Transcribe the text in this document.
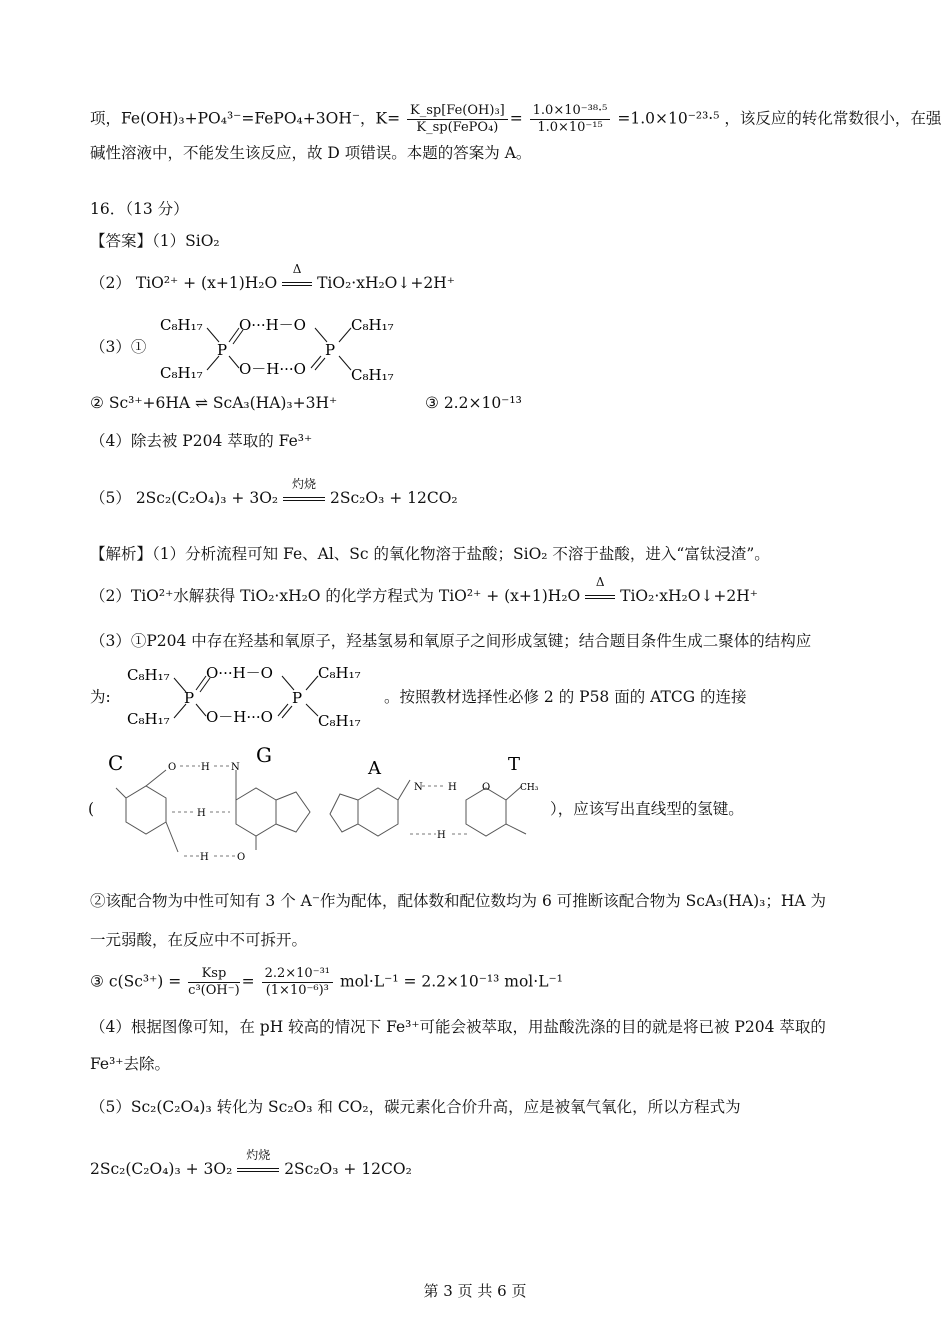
项，Fe(OH)₃+PO₄³⁻=FePO₄+3OH⁻，$K= \frac{\text{K\_sp[Fe(OH)₃]}}{\text{K\_sp(FePO₄)}} = \frac{\text{1.0×10⁻³⁸·⁵}}{\text{1.0×10⁻¹⁵}} =1.0\times 10^{-23}\cdot^5$ ，该反应的转化常数很小，在强
碱性溶液中，不能发生该反应，故 D 项错误。本题的答案为 A。
16．（13 分）
【答案】（1）SiO₂
（2） TiO²⁺ + (x+1)H₂O
Δ
TiO₂·xH₂O↓+2H⁺
（3）①
C₈H₁₇
C₈H₁₇
P
O···H－O
O－H···O
P
C₈H₁₇
C₈H₁₇
② Sc³⁺+6HA ⇌ ScA₃(HA)₃+3H⁺	③ 2.2×10⁻¹³
（4）除去被 P204 萃取的 Fe³⁺
（5） 2Sc₂(C₂O₄)₃ + 3O₂
灼烧
2Sc₂O₃ + 12CO₂
【解析】（1）分析流程可知 Fe、Al、Sc 的氧化物溶于盐酸；SiO₂ 不溶于盐酸，进入“富钛浸渣”。
（2）TiO²⁺水解获得 TiO₂·xH₂O 的化学方程式为 TiO²⁺ + (x+1)H₂O
Δ
TiO₂·xH₂O↓+2H⁺
（3）①P204 中存在羟基和氧原子，羟基氢易和氧原子之间形成氢键；结合题目条件生成二聚体的结构应
为:
C₈H₁₇
C₈H₁₇
P
O···H－O
O－H···O
P
C₈H₁₇
C₈H₁₇
。按照教材选择性必修 2 的 P58 面的 ATCG 的连接
(
C	G
A	T
O H N
H
H	O
N	H	O
H
CH₃
），应该写出直线型的氢键。
②该配合物为中性可知有 3 个 A⁻作为配体，配体数和配位数均为 6 可推断该配合物为 ScA₃(HA)₃；HA 为
一元弱酸，在反应中不可拆开。
③ $c(Sc^{3+}) = \frac{\text{Ksp}}{\text{c³(OH⁻)}} = \frac{\text{2.2×10⁻³¹}}{\text{(1×10⁻⁶)³}} mol\cdot L^{-1} = 2.2\times 10^{-13}$ mol·L⁻¹
（4）根据图像可知，在 pH 较高的情况下 Fe³⁺可能会被萃取，用盐酸洗涤的目的就是将已被 P204 萃取的
Fe³⁺去除。
（5）Sc₂(C₂O₄)₃ 转化为 Sc₂O₃ 和 CO₂，碳元素化合价升高，应是被氧气氧化，所以方程式为
2Sc₂(C₂O₄)₃ + 3O₂
灼烧
2Sc₂O₃ + 12CO₂
第 3 页 共 6 页
